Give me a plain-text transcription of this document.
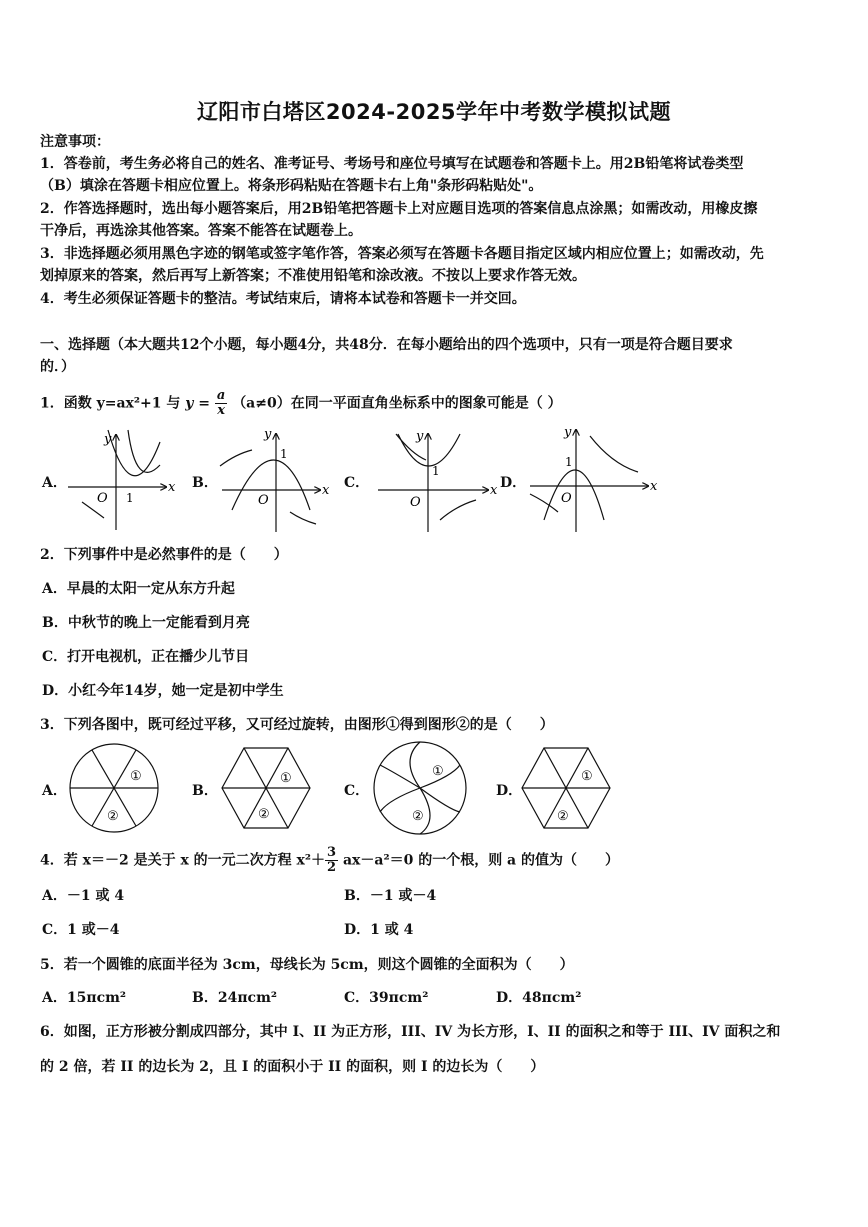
辽阳市白塔区2024-2025学年中考数学模拟试题
注意事项：
1．答卷前，考生务必将自己的姓名、准考证号、考场号和座位号填写在试题卷和答题卡上。用2B铅笔将试卷类型
（B）填涂在答题卡相应位置上。将条形码粘贴在答题卡右上角"条形码粘贴处"。
2．作答选择题时，选出每小题答案后，用2B铅笔把答题卡上对应题目选项的答案信息点涂黑；如需改动，用橡皮擦
干净后，再选涂其他答案。答案不能答在试题卷上。
3．非选择题必须用黑色字迹的钢笔或签字笔作答，答案必须写在答题卡各题目指定区域内相应位置上；如需改动，先
划掉原来的答案，然后再写上新答案；不准使用铅笔和涂改液。不按以上要求作答无效。
4．考生必须保证答题卡的整洁。考试结束后，请将本试卷和答题卡一并交回。
一、选择题（本大题共12个小题，每小题4分，共48分．在每小题给出的四个选项中，只有一项是符合题目要求
的．）
1．函数 y=ax²+1 与 $y = \frac{a}{x} (a\ne 0)$在同一平面直角坐标系中的图象可能是（ ）
A．	B．	C．	D．
x
y
O 1	x
y
O
1
x
y
O
1
x
y
O
1
2．下列事件中是必然事件的是（　　）
A．早晨的太阳一定从东方升起
B．中秋节的晚上一定能看到月亮
C．打开电视机，正在播少儿节目
D．小红今年14岁，她一定是初中学生
3．下列各图中，既可经过平移，又可经过旋转，由图形①得到图形②的是（　　）
A．	B．	C．	D．
①
②
①
②
①
②
①
②
4．若 x＝－2 是关于 x 的一元二次方程 $x^2+ \frac{3}{2} ax-a^2=0$ 的一个根，则 a 的值为（　　）
A．－1 或 4	B．－1 或－4
C．1 或－4	D．1 或 4
5．若一个圆锥的底面半径为 3cm，母线长为 5cm，则这个圆锥的全面积为（　　）
A．15πcm²	B．24πcm²	C．39πcm²	D．48πcm²
6．如图，正方形被分割成四部分，其中 I、II 为正方形，III、IV 为长方形，I、II 的面积之和等于 III、IV 面积之和
的 2 倍，若 II 的边长为 2，且 I 的面积小于 II 的面积，则 I 的边长为（　　）
